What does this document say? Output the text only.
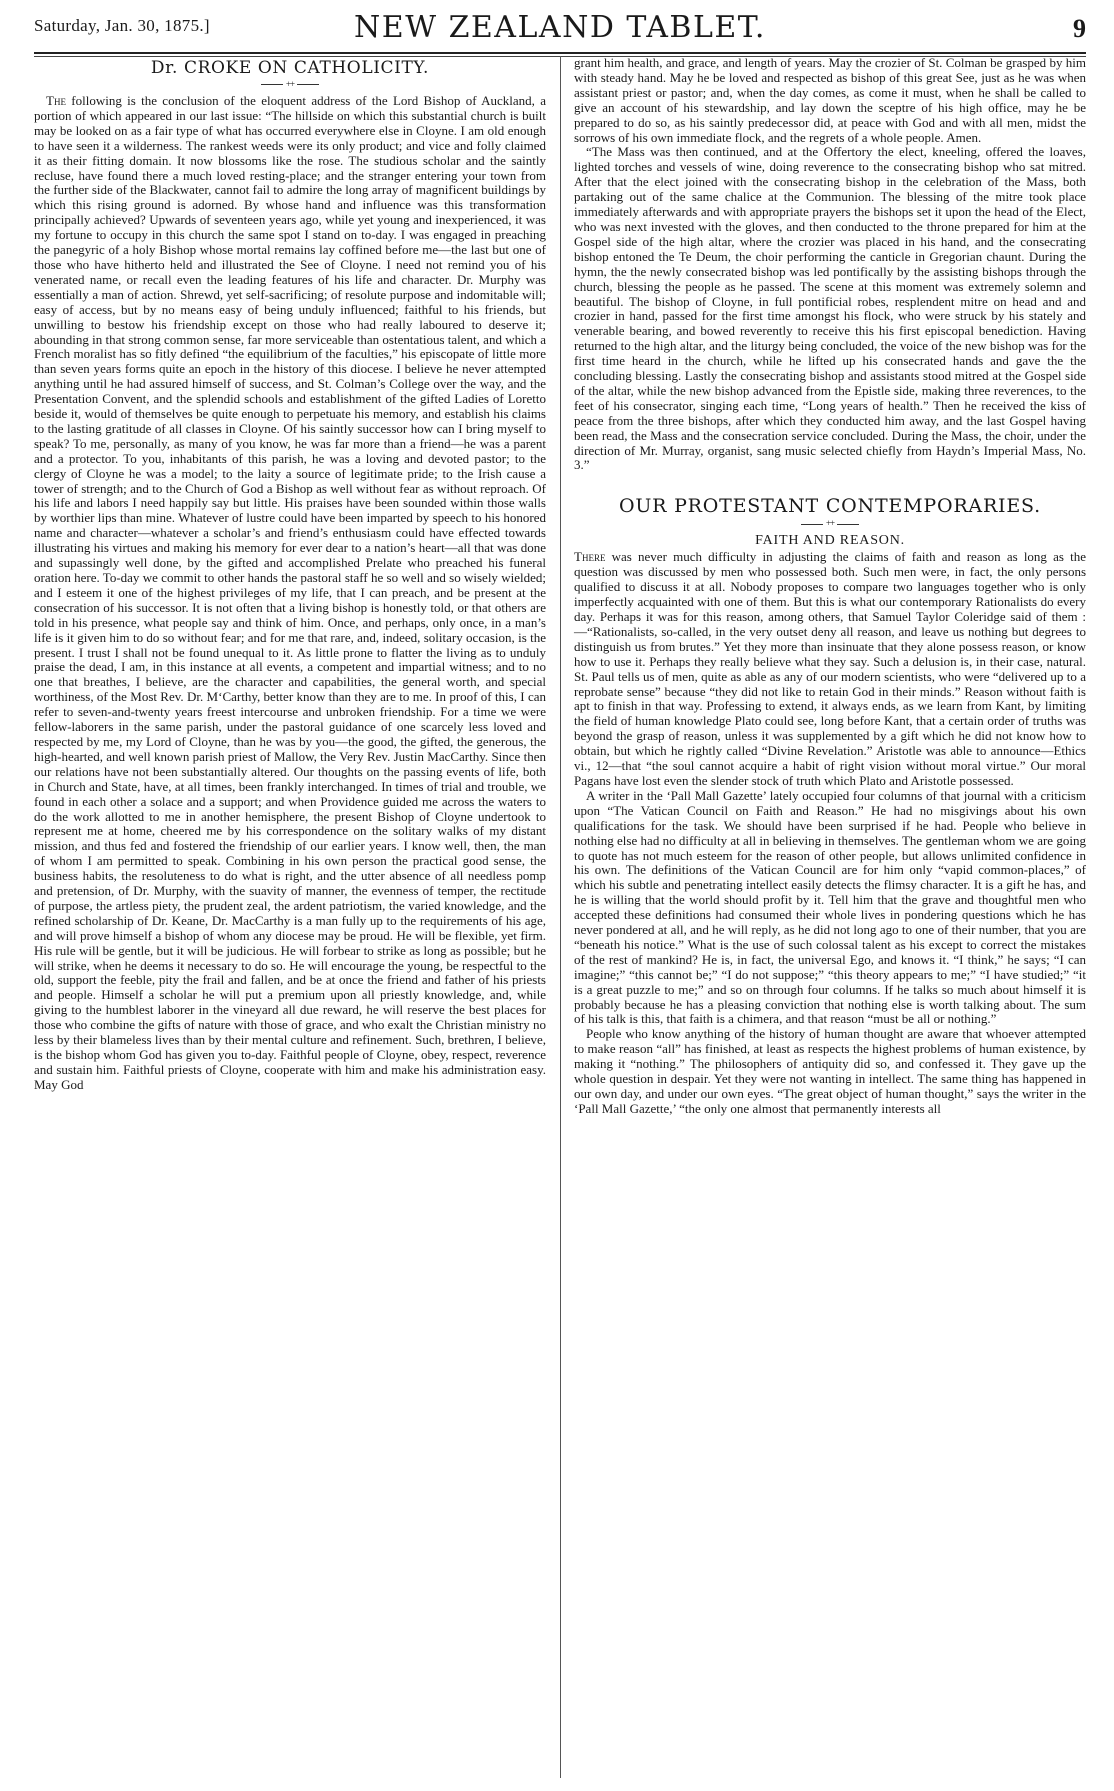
Saturday, Jan. 30, 1875.]	NEW ZEALAND TABLET.	9
Dr. CROKE ON CATHOLICITY.
++

The following is the conclusion of the eloquent address of the Lord Bishop of Auckland, a portion of which appeared in our last issue: “The hillside on which this substantial church is built may be looked on as a fair type of what has occurred everywhere else in Cloyne. I am old enough to have seen it a wilderness. The rankest weeds were its only product; and vice and folly claimed it as their fitting domain. It now blossoms like the rose. The studious scholar and the saintly recluse, have found there a much loved resting-place; and the stranger entering your town from the further side of the Blackwater, cannot fail to admire the long array of magnificent buildings by which this rising ground is adorned. By whose hand and influence was this transformation principally achieved? Upwards of seventeen years ago, while yet young and inexperienced, it was my fortune to occupy in this church the same spot I stand on to-day. I was engaged in preaching the panegyric of a holy Bishop whose mortal remains lay coffined before me—the last but one of those who have hitherto held and illustrated the See of Cloyne. I need not remind you of his venerated name, or recall even the leading features of his life and character. Dr. Murphy was essentially a man of action. Shrewd, yet self-sacrificing; of resolute purpose and indomitable will; easy of access, but by no means easy of being unduly influenced; faithful to his friends, but unwilling to bestow his friendship except on those who had really laboured to deserve it; abounding in that strong common sense, far more serviceable than ostentatious talent, and which a French moralist has so fitly defined “the equilibrium of the faculties,” his episcopate of little more than seven years forms quite an epoch in the history of this diocese. I believe he never attempted anything until he had assured himself of success, and St. Colman’s College over the way, and the Presentation Convent, and the splendid schools and establishment of the gifted Ladies of Loretto beside it, would of themselves be quite enough to perpetuate his memory, and establish his claims to the lasting gratitude of all classes in Cloyne. Of his saintly successor how can I bring myself to speak? To me, personally, as many of you know, he was far more than a friend—he was a parent and a protector. To you, inhabitants of this parish, he was a loving and devoted pastor; to the clergy of Cloyne he was a model; to the laity a source of legitimate pride; to the Irish cause a tower of strength; and to the Church of God a Bishop as well without fear as without reproach. Of his life and labors I need happily say but little. His praises have been sounded within those walls by worthier lips than mine. Whatever of lustre could have been imparted by speech to his honored name and character—whatever a scholar’s and friend’s enthusiasm could have effected towards illustrating his virtues and making his memory for ever dear to a nation’s heart—all that was done and supassingly well done, by the gifted and accomplished Prelate who preached his funeral oration here. To-day we commit to other hands the pastoral staff he so well and so wisely wielded; and I esteem it one of the highest privileges of my life, that I can preach, and be present at the consecration of his successor. It is not often that a living bishop is honestly told, or that others are told in his presence, what people say and think of him. Once, and perhaps, only once, in a man’s life is it given him to do so without fear; and for me that rare, and, indeed, solitary occasion, is the present. I trust I shall not be found unequal to it. As little prone to flatter the living as to unduly praise the dead, I am, in this instance at all events, a competent and impartial witness; and to no one that breathes, I believe, are the character and capabilities, the general worth, and special worthiness, of the Most Rev. Dr. M‘Carthy, better know than they are to me. In proof of this, I can refer to seven-and-twenty years freest intercourse and unbroken friendship. For a time we were fellow-laborers in the same parish, under the pastoral guidance of one scarcely less loved and respected by me, my Lord of Cloyne, than he was by you—the good, the gifted, the generous, the high-hearted, and well known parish priest of Mallow, the Very Rev. Justin MacCarthy. Since then our relations have not been substantially altered. Our thoughts on the passing events of life, both in Church and State, have, at all times, been frankly interchanged. In times of trial and trouble, we found in each other a solace and a support; and when Providence guided me across the waters to do the work allotted to me in another hemisphere, the present Bishop of Cloyne undertook to represent me at home, cheered me by his correspondence on the solitary walks of my distant mission, and thus fed and fostered the friendship of our earlier years. I know well, then, the man of whom I am permitted to speak. Combining in his own person the practical good sense, the business habits, the resoluteness to do what is right, and the utter absence of all needless pomp and pretension, of Dr. Murphy, with the suavity of manner, the evenness of temper, the rectitude of purpose, the artless piety, the prudent zeal, the ardent patriotism, the varied knowledge, and the refined scholarship of Dr. Keane, Dr. MacCarthy is a man fully up to the requirements of his age, and will prove himself a bishop of whom any diocese may be proud. He will be flexible, yet firm. His rule will be gentle, but it will be judicious. He will forbear to strike as long as possible; but he will strike, when he deems it necessary to do so. He will encourage the young, be respectful to the old, support the feeble, pity the frail and fallen, and be at once the friend and father of his priests and people. Himself a scholar he will put a premium upon all priestly knowledge, and, while giving to the humblest laborer in the vineyard all due reward, he will reserve the best places for those who combine the gifts of nature with those of grace, and who exalt the Christian ministry no less by their blameless lives than by their mental culture and refinement. Such, brethren, I believe, is the bishop whom God has given you to-day. Faithful people of Cloyne, obey, respect, reverence and sustain him. Faithful priests of Cloyne, cooperate with him and make his administration easy. May God

grant him health, and grace, and length of years. May the crozier of St. Colman be grasped by him with steady hand. May he be loved and respected as bishop of this great See, just as he was when assistant priest or pastor; and, when the day comes, as come it must, when he shall be called to give an account of his stewardship, and lay down the sceptre of his high office, may he be prepared to do so, as his saintly predecessor did, at peace with God and with all men, midst the sorrows of his own immediate flock, and the regrets of a whole people. Amen.

“The Mass was then continued, and at the Offertory the elect, kneeling, offered the loaves, lighted torches and vessels of wine, doing reverence to the consecrating bishop who sat mitred. After that the elect joined with the consecrating bishop in the celebration of the Mass, both partaking out of the same chalice at the Communion. The blessing of the mitre took place immediately afterwards and with appropriate prayers the bishops set it upon the head of the Elect, who was next invested with the gloves, and then conducted to the throne prepared for him at the Gospel side of the high altar, where the crozier was placed in his hand, and the consecrating bishop entoned the Te Deum, the choir performing the canticle in Gregorian chaunt. During the hymn, the the newly consecrated bishop was led pontifically by the assisting bishops through the church, blessing the people as he passed. The scene at this moment was extremely solemn and beautiful. The bishop of Cloyne, in full pontificial robes, resplendent mitre on head and and crozier in hand, passed for the first time amongst his flock, who were struck by his stately and venerable bearing, and bowed reverently to receive this his first episcopal benediction. Having returned to the high altar, and the liturgy being concluded, the voice of the new bishop was for the first time heard in the church, while he lifted up his consecrated hands and gave the the concluding blessing. Lastly the consecrating bishop and assistants stood mitred at the Gospel side of the altar, while the new bishop advanced from the Epistle side, making three reverences, to the feet of his consecrator, singing each time, “Long years of health.” Then he received the kiss of peace from the three bishops, after which they conducted him away, and the last Gospel having been read, the Mass and the consecration service concluded. During the Mass, the choir, under the direction of Mr. Murray, organist, sang music selected chiefly from Haydn’s Imperial Mass, No. 3.”

OUR PROTESTANT CONTEMPORARIES.
++
FAITH AND REASON.

There was never much difficulty in adjusting the claims of faith and reason as long as the question was discussed by men who possessed both. Such men were, in fact, the only persons qualified to discuss it at all. Nobody proposes to compare two languages together who is only imperfectly acquainted with one of them. But this is what our contemporary Rationalists do every day. Perhaps it was for this reason, among others, that Samuel Taylor Coleridge said of them :—“Rationalists, so-called, in the very outset deny all reason, and leave us nothing but degrees to distinguish us from brutes.” Yet they more than insinuate that they alone possess reason, or know how to use it. Perhaps they really believe what they say. Such a delusion is, in their case, natural. St. Paul tells us of men, quite as able as any of our modern scientists, who were “delivered up to a reprobate sense” because “they did not like to retain God in their minds.” Reason without faith is apt to finish in that way. Professing to extend, it always ends, as we learn from Kant, by limiting the field of human knowledge Plato could see, long before Kant, that a certain order of truths was beyond the grasp of reason, unless it was supplemented by a gift which he did not know how to obtain, but which he rightly called “Divine Revelation.” Aristotle was able to announce—Ethics vi., 12—that “the soul cannot acquire a habit of right vision without moral virtue.” Our moral Pagans have lost even the slender stock of truth which Plato and Aristotle possessed.

A writer in the ‘Pall Mall Gazette’ lately occupied four columns of that journal with a criticism upon “The Vatican Council on Faith and Reason.” He had no misgivings about his own qualifications for the task. We should have been surprised if he had. People who believe in nothing else had no difficulty at all in believing in themselves. The gentleman whom we are going to quote has not much esteem for the reason of other people, but allows unlimited confidence in his own. The definitions of the Vatican Council are for him only “vapid common-places,” of which his subtle and penetrating intellect easily detects the flimsy character. It is a gift he has, and he is willing that the world should profit by it. Tell him that the grave and thoughtful men who accepted these definitions had consumed their whole lives in pondering questions which he has never pondered at all, and he will reply, as he did not long ago to one of their number, that you are “beneath his notice.” What is the use of such colossal talent as his except to correct the mistakes of the rest of mankind? He is, in fact, the universal Ego, and knows it. “I think,” he says; “I can imagine;” “this cannot be;” “I do not suppose;” “this theory appears to me;” “I have studied;” “it is a great puzzle to me;” and so on through four columns. If he talks so much about himself it is probably because he has a pleasing conviction that nothing else is worth talking about. The sum of his talk is this, that faith is a chimera, and that reason “must be all or nothing.”

People who know anything of the history of human thought are aware that whoever attempted to make reason “all” has finished, at least as respects the highest problems of human existence, by making it “nothing.” The philosophers of antiquity did so, and confessed it. They gave up the whole question in despair. Yet they were not wanting in intellect. The same thing has happened in our own day, and under our own eyes. “The great object of human thought,” says the writer in the ‘Pall Mall Gazette,’ “the only one almost that permanently interests all
